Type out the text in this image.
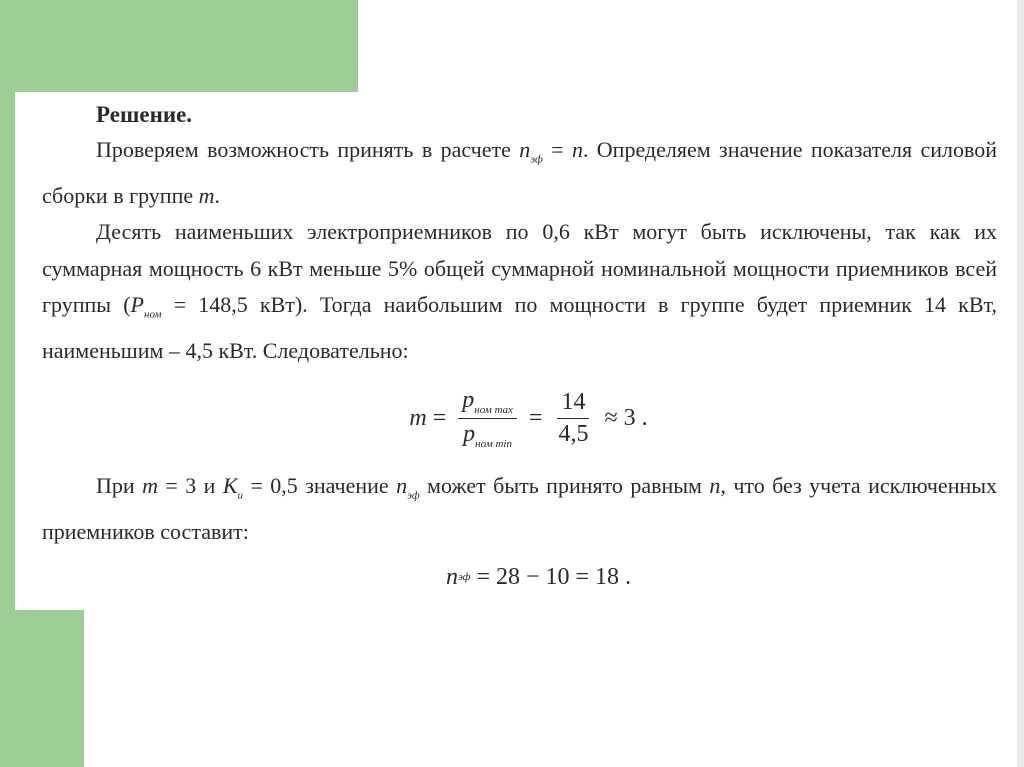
Решение.

Проверяем возможность принять в расчете $n_{эф} = n$. Определяем значение показателя силовой сборки в группе m.

Десять наименьших электроприемников по 0,6 кВт могут быть исключены, так как их суммарная мощность 6 кВт меньше 5% общей суммарной номинальной мощности приемников всей группы ($P_{ном} = 148,5$ кВт). Тогда наибольшим по мощности в группе будет приемник 14 кВт, наименьшим – 4,5 кВт. Следовательно:

$m = \frac{p_{ном max}}{p_{ном min}} = \frac{14}{4,5} \approx 3$ .

При m = 3 и $K_и = 0,5$ значение $n_{эф}$ может быть принято равным n, что без учета исключенных приемников составит:

n эф = 28 − 10 = 18 .
